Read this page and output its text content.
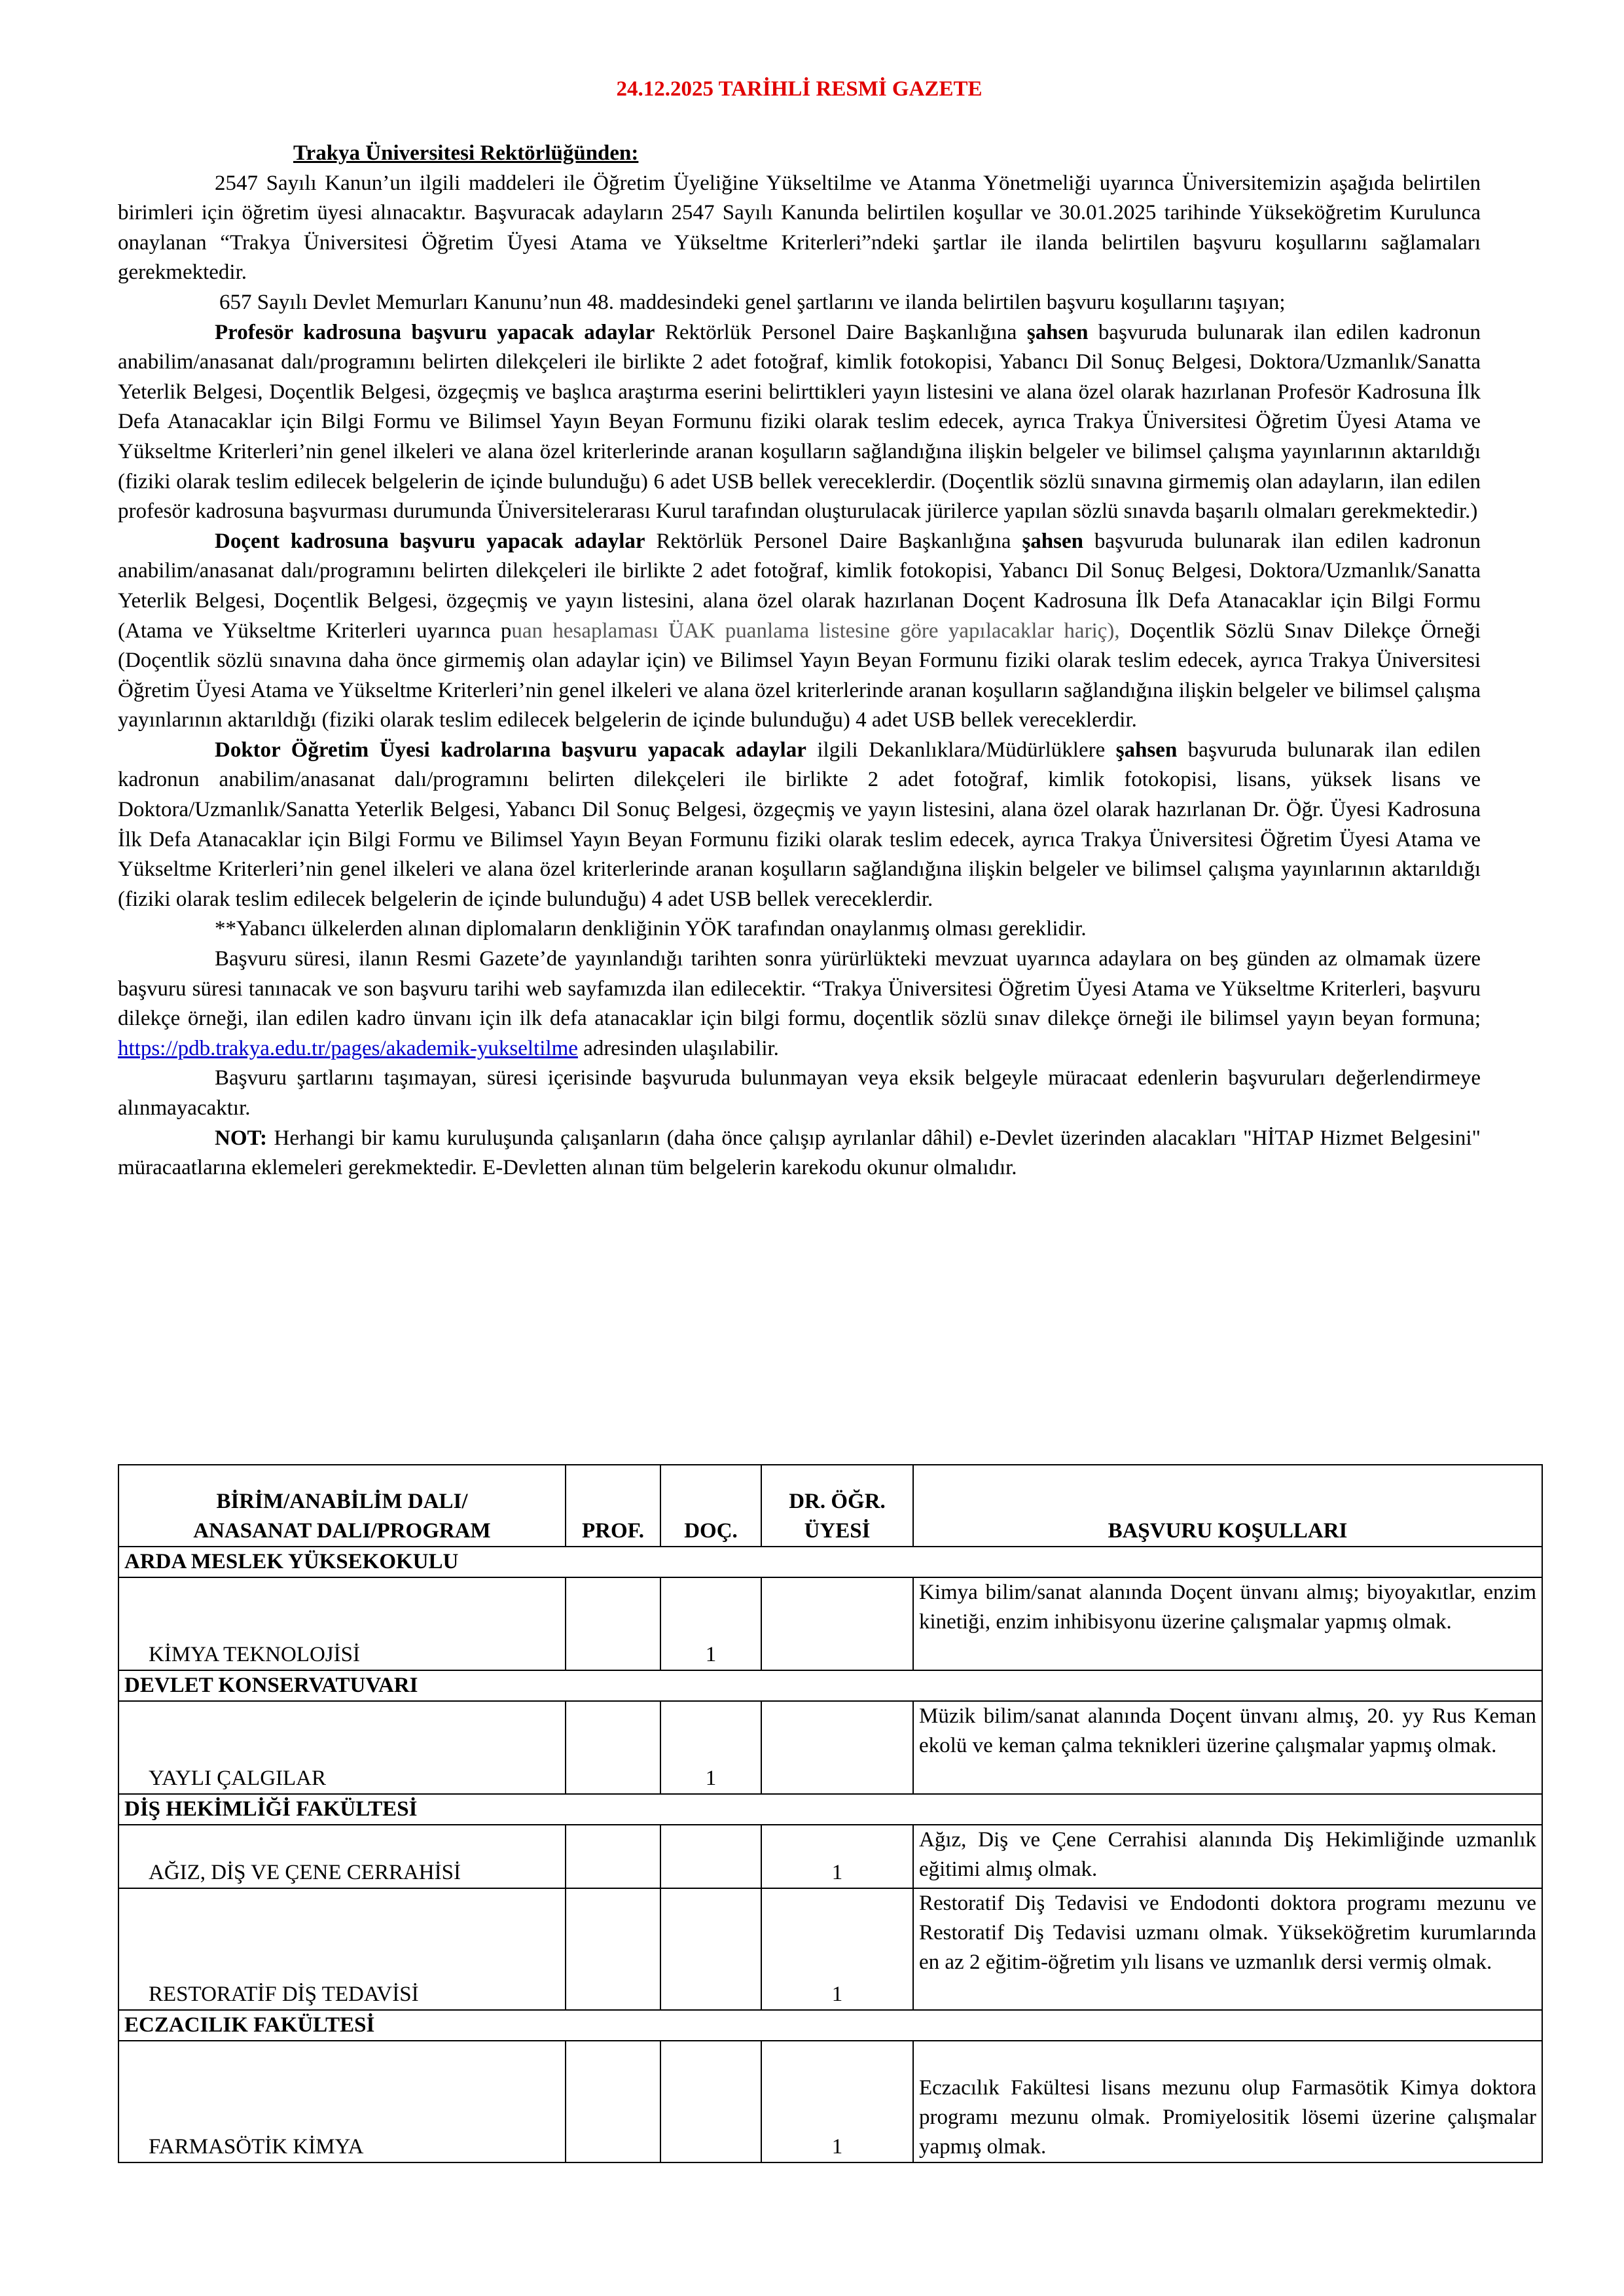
24.12.2025 TARİHLİ RESMİ GAZETE

Trakya Üniversitesi Rektörlüğünden:

2547 Sayılı Kanun’un ilgili maddeleri ile Öğretim Üyeliğine Yükseltilme ve Atanma Yönetmeliği uyarınca Üniversitemizin aşağıda belirtilen birimleri için öğretim üyesi alınacaktır. Başvuracak adayların 2547 Sayılı Kanunda belirtilen koşullar ve 30.01.2025 tarihinde Yükseköğretim Kurulunca onaylanan “Trakya Üniversitesi Öğretim Üyesi Atama ve Yükseltme Kriterleri”ndeki şartlar ile ilanda belirtilen başvuru koşullarını sağlamaları gerekmektedir.

657 Sayılı Devlet Memurları Kanunu’nun 48. maddesindeki genel şartlarını ve ilanda belirtilen başvuru koşullarını taşıyan;

Profesör kadrosuna başvuru yapacak adaylar Rektörlük Personel Daire Başkanlığına şahsen başvuruda bulunarak ilan edilen kadronun anabilim/anasanat dalı/programını belirten dilekçeleri ile birlikte 2 adet fotoğraf, kimlik fotokopisi, Yabancı Dil Sonuç Belgesi, Doktora/Uzmanlık/Sanatta Yeterlik Belgesi, Doçentlik Belgesi, özgeçmiş ve başlıca araştırma eserini belirttikleri yayın listesini ve alana özel olarak hazırlanan Profesör Kadrosuna İlk Defa Atanacaklar için Bilgi Formu ve Bilimsel Yayın Beyan Formunu fiziki olarak teslim edecek, ayrıca Trakya Üniversitesi Öğretim Üyesi Atama ve Yükseltme Kriterleri’nin genel ilkeleri ve alana özel kriterlerinde aranan koşulların sağlandığına ilişkin belgeler ve bilimsel çalışma yayınlarının aktarıldığı (fiziki olarak teslim edilecek belgelerin de içinde bulunduğu) 6 adet USB bellek vereceklerdir. (Doçentlik sözlü sınavına girmemiş olan adayların, ilan edilen profesör kadrosuna başvurması durumunda Üniversitelerarası Kurul tarafından oluşturulacak jürilerce yapılan sözlü sınavda başarılı olmaları gerekmektedir.)

Doçent kadrosuna başvuru yapacak adaylar Rektörlük Personel Daire Başkanlığına şahsen başvuruda bulunarak ilan edilen kadronun anabilim/anasanat dalı/programını belirten dilekçeleri ile birlikte 2 adet fotoğraf, kimlik fotokopisi, Yabancı Dil Sonuç Belgesi, Doktora/Uzmanlık/Sanatta Yeterlik Belgesi, Doçentlik Belgesi, özgeçmiş ve yayın listesini, alana özel olarak hazırlanan Doçent Kadrosuna İlk Defa Atanacaklar için Bilgi Formu (Atama ve Yükseltme Kriterleri uyarınca puan hesaplaması ÜAK puanlama listesine göre yapılacaklar hariç), Doçentlik Sözlü Sınav Dilekçe Örneği (Doçentlik sözlü sınavına daha önce girmemiş olan adaylar için) ve Bilimsel Yayın Beyan Formunu fiziki olarak teslim edecek, ayrıca Trakya Üniversitesi Öğretim Üyesi Atama ve Yükseltme Kriterleri’nin genel ilkeleri ve alana özel kriterlerinde aranan koşulların sağlandığına ilişkin belgeler ve bilimsel çalışma yayınlarının aktarıldığı (fiziki olarak teslim edilecek belgelerin de içinde bulunduğu) 4 adet USB bellek vereceklerdir.

Doktor Öğretim Üyesi kadrolarına başvuru yapacak adaylar ilgili Dekanlıklara/Müdürlüklere şahsen başvuruda bulunarak ilan edilen kadronun anabilim/anasanat dalı/programını belirten dilekçeleri ile birlikte 2 adet fotoğraf, kimlik fotokopisi, lisans, yüksek lisans ve Doktora/Uzmanlık/Sanatta Yeterlik Belgesi, Yabancı Dil Sonuç Belgesi, özgeçmiş ve yayın listesini, alana özel olarak hazırlanan Dr. Öğr. Üyesi Kadrosuna İlk Defa Atanacaklar için Bilgi Formu ve Bilimsel Yayın Beyan Formunu fiziki olarak teslim edecek, ayrıca Trakya Üniversitesi Öğretim Üyesi Atama ve Yükseltme Kriterleri’nin genel ilkeleri ve alana özel kriterlerinde aranan koşulların sağlandığına ilişkin belgeler ve bilimsel çalışma yayınlarının aktarıldığı (fiziki olarak teslim edilecek belgelerin de içinde bulunduğu) 4 adet USB bellek vereceklerdir.

**Yabancı ülkelerden alınan diplomaların denkliğinin YÖK tarafından onaylanmış olması gereklidir.

Başvuru süresi, ilanın Resmi Gazete’de yayınlandığı tarihten sonra yürürlükteki mevzuat uyarınca adaylara on beş günden az olmamak üzere başvuru süresi tanınacak ve son başvuru tarihi web sayfamızda ilan edilecektir. “Trakya Üniversitesi Öğretim Üyesi Atama ve Yükseltme Kriterleri, başvuru dilekçe örneği, ilan edilen kadro ünvanı için ilk defa atanacaklar için bilgi formu, doçentlik sözlü sınav dilekçe örneği ile bilimsel yayın beyan formuna; https://pdb.trakya.edu.tr/pages/akademik-yukseltilme adresinden ulaşılabilir.

Başvuru şartlarını taşımayan, süresi içerisinde başvuruda bulunmayan veya eksik belgeyle müracaat edenlerin başvuruları değerlendirmeye alınmayacaktır.

NOT: Herhangi bir kamu kuruluşunda çalışanların (daha önce çalışıp ayrılanlar dâhil) e-Devlet üzerinden alacakları "HİTAP Hizmet Belgesini" müracaatlarına eklemeleri gerekmektedir. E-Devletten alınan tüm belgelerin karekodu okunur olmalıdır.

BİRİM/ANABİLİM DALI/
ANASANAT DALI/PROGRAM	PROF.	DOÇ.	DR. ÖĞR.
ÜYESİ	BAŞVURU KOŞULLARI
ARDA MESLEK YÜKSEKOKULU				
KİMYA TEKNOLOJİSİ		1		Kimya bilim/sanat alanında Doçent ünvanı almış; biyoyakıtlar, enzim kinetiği, enzim inhibisyonu üzerine çalışmalar yapmış olmak.
DEVLET KONSERVATUVARI				
YAYLI ÇALGILAR		1		Müzik bilim/sanat alanında Doçent ünvanı almış, 20. yy Rus Keman ekolü ve keman çalma teknikleri üzerine çalışmalar yapmış olmak.
DİŞ HEKİMLİĞİ FAKÜLTESİ				
AĞIZ, DİŞ VE ÇENE CERRAHİSİ			1	Ağız, Diş ve Çene Cerrahisi alanında Diş Hekimliğinde uzmanlık eğitimi almış olmak.
RESTORATİF DİŞ TEDAVİSİ			1	Restoratif Diş Tedavisi ve Endodonti doktora programı mezunu ve Restoratif Diş Tedavisi uzmanı olmak. Yükseköğretim kurumlarında en az 2 eğitim-öğretim yılı lisans ve uzmanlık dersi vermiş olmak.
ECZACILIK FAKÜLTESİ				
FARMASÖTİK KİMYA			1	Eczacılık Fakültesi lisans mezunu olup Farmasötik Kimya doktora programı mezunu olmak. Promiyelositik lösemi üzerine çalışmalar yapmış olmak.
